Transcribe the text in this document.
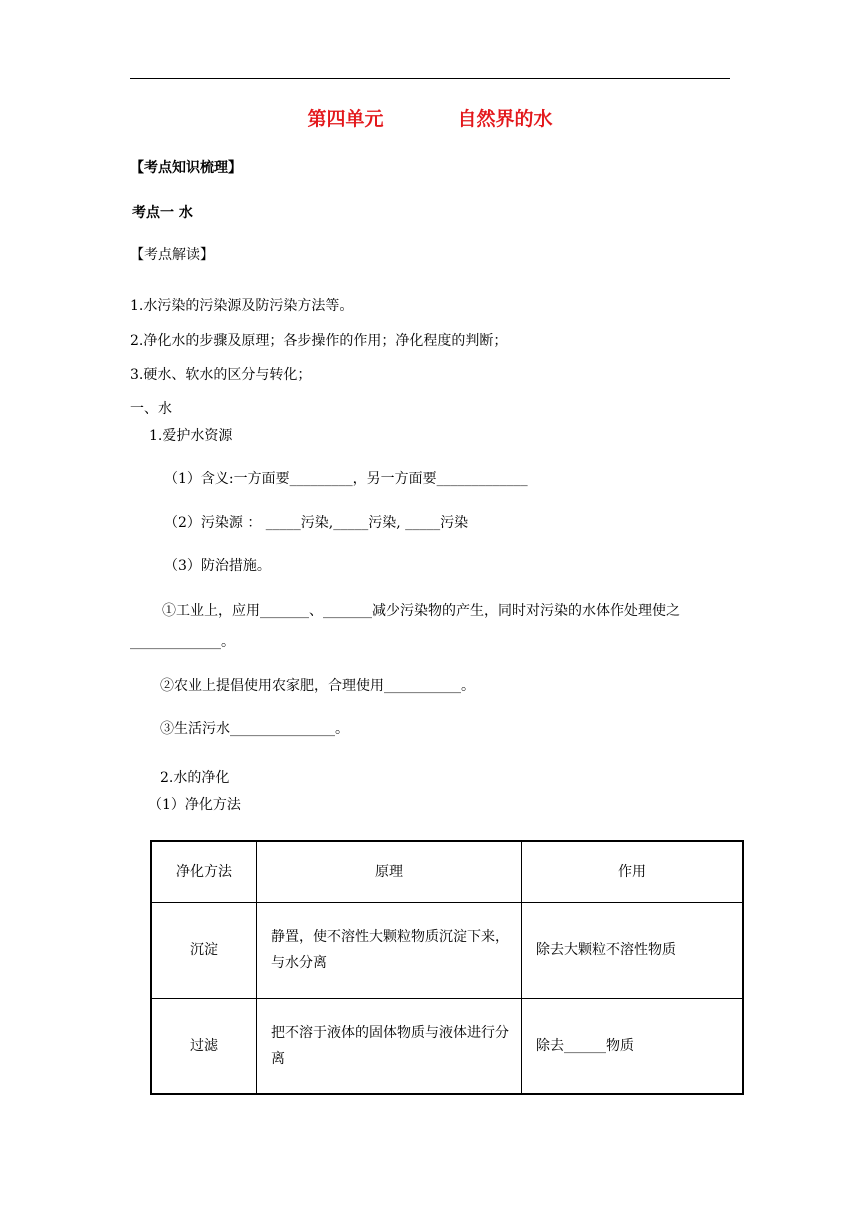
第四单元	自然界的水
【考点知识梳理】
考点一 水
【考点解读】
1.水污染的污染源及防污染方法等。
2.净化水的步骤及原理；各步操作的作用；净化程度的判断；
3.硬水、软水的区分与转化；
一、水
1.爱护水资源
（1）含义:一方面要_________，另一方面要_____________
（2）污染源 ： _____污染,_____污染, _____污染
（3）防治措施。
①工业上，应用_______、_______减少污染物的产生，同时对污染的水体作处理使之
_____________。
②农业上提倡使用农家肥，合理使用___________。
③生活污水_______________。
2.水的净化
（1）净化方法
净化方法	原理	作用
沉淀	静置，使不溶性大颗粒物质沉淀下来，与水分离	除去大颗粒不溶性物质
过滤	把不溶于液体的固体物质与液体进行分离	除去______物质
